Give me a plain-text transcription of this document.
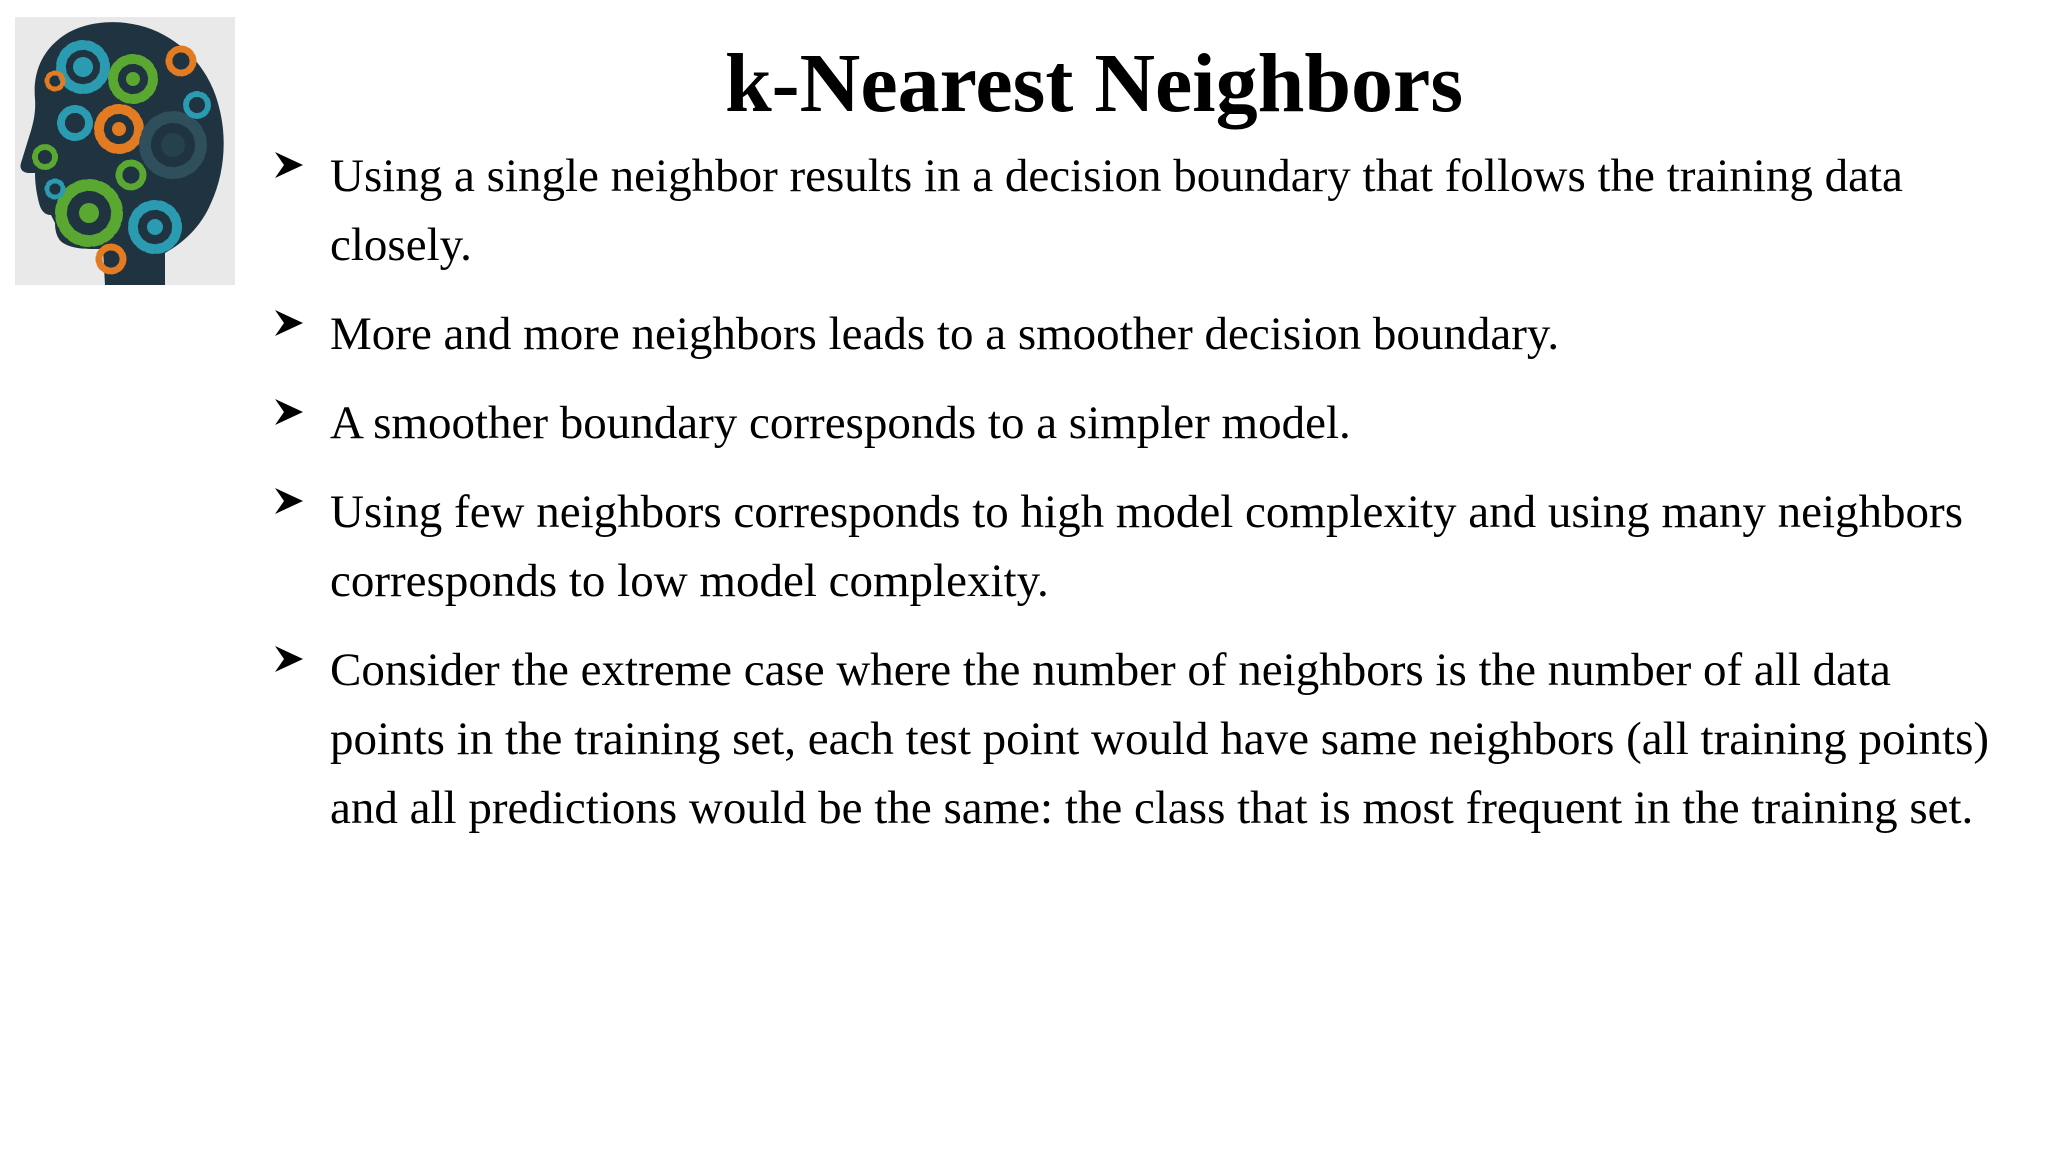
k-Nearest Neighbors
Using a single neighbor results in a decision boundary that follows the training data closely.
More and more neighbors leads to a smoother decision boundary.
A smoother boundary corresponds to a simpler model.
Using few neighbors corresponds to high model complexity and using many neighbors corresponds to low model complexity.
Consider the extreme case where the number of neighbors is the number of all data points in the training set, each test point would have same neighbors (all training points) and all predictions would be the same: the class that is most frequent in the training set.
